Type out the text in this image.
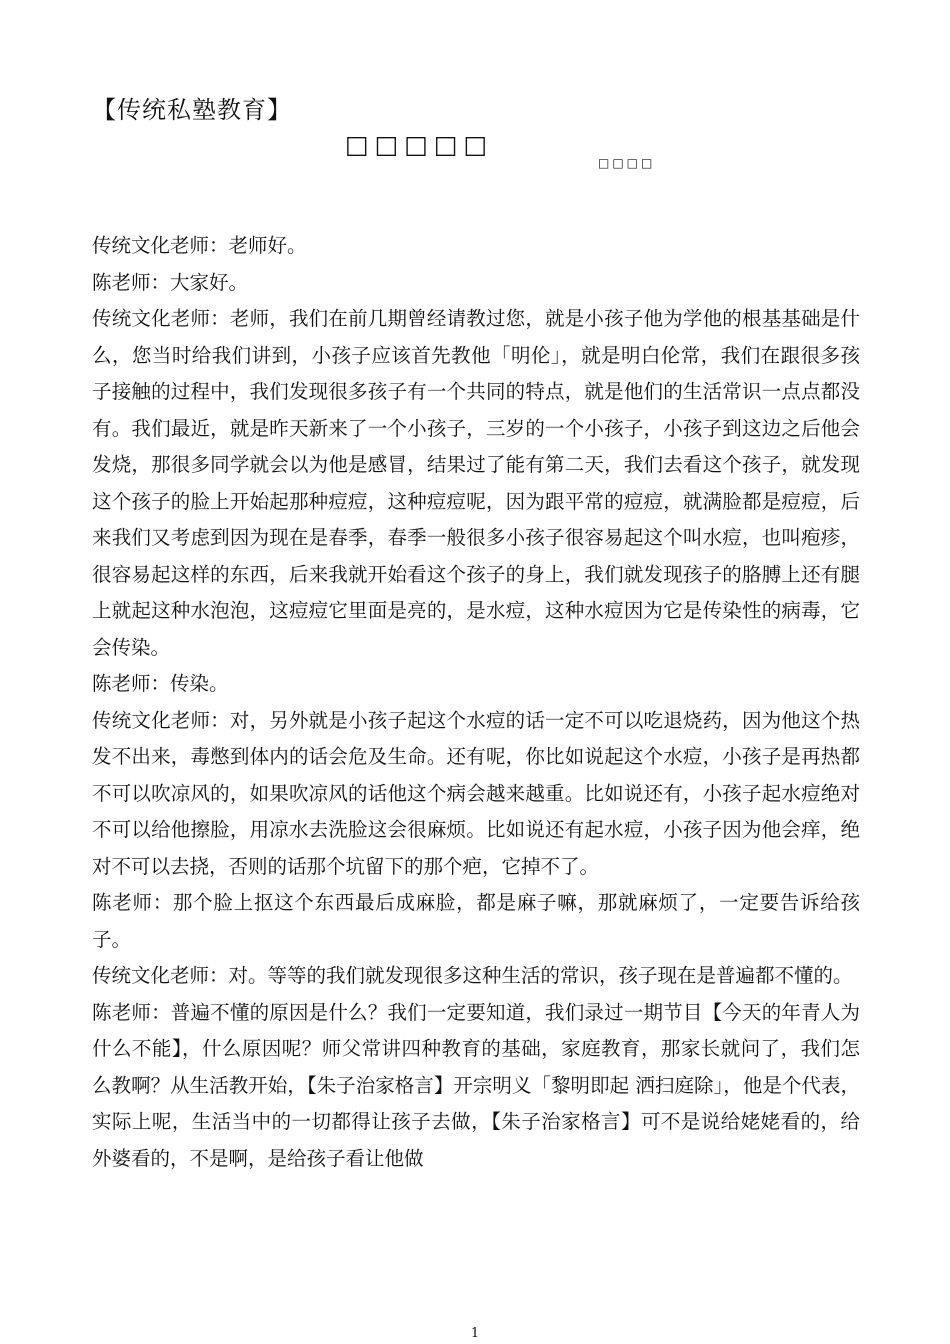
【传统私塾教育】
□□□□□
□□□□

传统文化老师：老师好。

陈老师：大家好。

传统文化老师：老师，我们在前几期曾经请教过您，就是小孩子他为学他的根基基础是什么，您当时给我们讲到，小孩子应该首先教他「明伦」，就是明白伦常，我们在跟很多孩子接触的过程中，我们发现很多孩子有一个共同的特点，就是他们的生活常识一点点都没有。我们最近，就是昨天新来了一个小孩子，三岁的一个小孩子，小孩子到这边之后他会发烧，那很多同学就会以为他是感冒，结果过了能有第二天，我们去看这个孩子，就发现这个孩子的脸上开始起那种痘痘，这种痘痘呢，因为跟平常的痘痘，就满脸都是痘痘，后来我们又考虑到因为现在是春季，春季一般很多小孩子很容易起这个叫水痘，也叫疱疹，很容易起这样的东西，后来我就开始看这个孩子的身上，我们就发现孩子的胳膊上还有腿上就起这种水泡泡，这痘痘它里面是亮的，是水痘，这种水痘因为它是传染性的病毒，它会传染。

陈老师：传染。

传统文化老师：对，另外就是小孩子起这个水痘的话一定不可以吃退烧药，因为他这个热发不出来，毒憋到体内的话会危及生命。还有呢，你比如说起这个水痘，小孩子是再热都不可以吹凉风的，如果吹凉风的话他这个病会越来越重。比如说还有，小孩子起水痘绝对不可以给他擦脸，用凉水去洗脸这会很麻烦。比如说还有起水痘，小孩子因为他会痒，绝对不可以去挠，否则的话那个坑留下的那个疤，它掉不了。

陈老师：那个脸上抠这个东西最后成麻脸，都是麻子嘛，那就麻烦了，一定要告诉给孩子。

传统文化老师：对。等等的我们就发现很多这种生活的常识，孩子现在是普遍都不懂的。

陈老师：普遍不懂的原因是什么？我们一定要知道，我们录过一期节目【今天的年青人为什么不能】，什么原因呢？师父常讲四种教育的基础，家庭教育，那家长就问了，我们怎么教啊？从生活教开始，【朱子治家格言】开宗明义「黎明即起 洒扫庭除」，他是个代表，实际上呢，生活当中的一切都得让孩子去做，【朱子治家格言】可不是说给姥姥看的，给外婆看的，不是啊，是给孩子看让他做

1
